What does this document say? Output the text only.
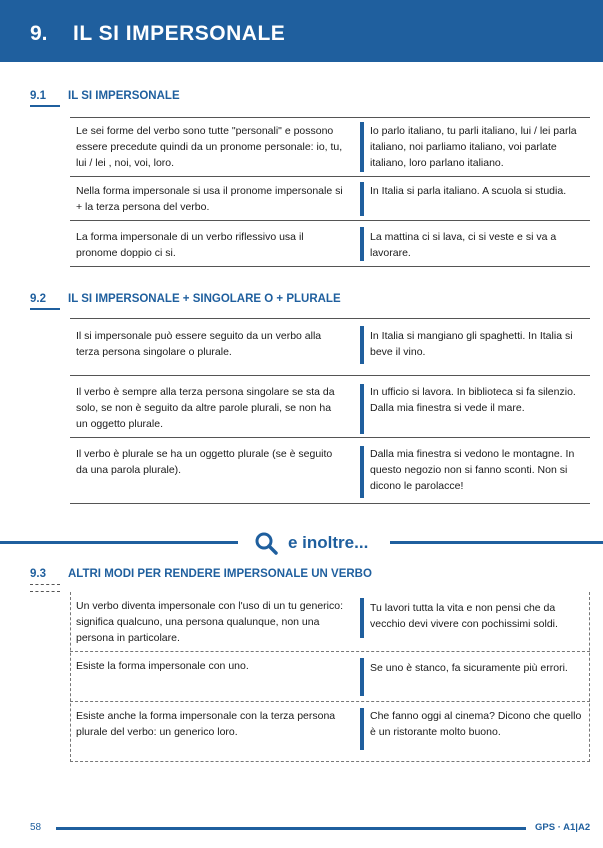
9. IL SI IMPERSONALE
9.1 IL SI IMPERSONALE
Le sei forme del verbo sono tutte "personali" e possono essere precedute quindi da un pronome personale: io, tu, lui / lei , noi, voi, loro.
Io parlo italiano, tu parli italiano, lui / lei parla italiano, noi parliamo italiano, voi parlate italiano, loro parlano italiano.
Nella forma impersonale si usa il pronome impersonale si + la terza persona del verbo.
In Italia si parla italiano. A scuola si studia.
La forma impersonale di un verbo riflessivo usa il pronome doppio ci si.
La mattina ci si lava, ci si veste e si va a lavorare.
9.2 IL SI IMPERSONALE + SINGOLARE O + PLURALE
Il si impersonale può essere seguito da un verbo alla terza persona singolare o plurale.
In Italia si mangiano gli spaghetti. In Italia si beve il vino.
Il verbo è sempre alla terza persona singolare se sta da solo, se non è seguito da altre parole plurali, se non ha un oggetto plurale.
In ufficio si lavora. In biblioteca si fa silenzio. Dalla mia finestra si vede il mare.
Il verbo è plurale se ha un oggetto plurale (se è seguito da una parola plurale).
Dalla mia finestra si vedono le montagne. In questo negozio non si fanno sconti. Non si dicono le parolacce!
e inoltre...
9.3 ALTRI MODI PER RENDERE IMPERSONALE UN VERBO
Un verbo diventa impersonale con l'uso di un tu generico: significa qualcuno, una persona qualunque, non una persona in particolare.
Tu lavori tutta la vita e non pensi che da vecchio devi vivere con pochissimi soldi.
Esiste la forma impersonale con uno.	Se uno è stanco, fa sicuramente più errori.
Esiste anche la forma impersonale con la terza persona plurale del verbo: un generico loro.
Che fanno oggi al cinema? Dicono che quello è un ristorante molto buono.
58	GPS · A1|A2
